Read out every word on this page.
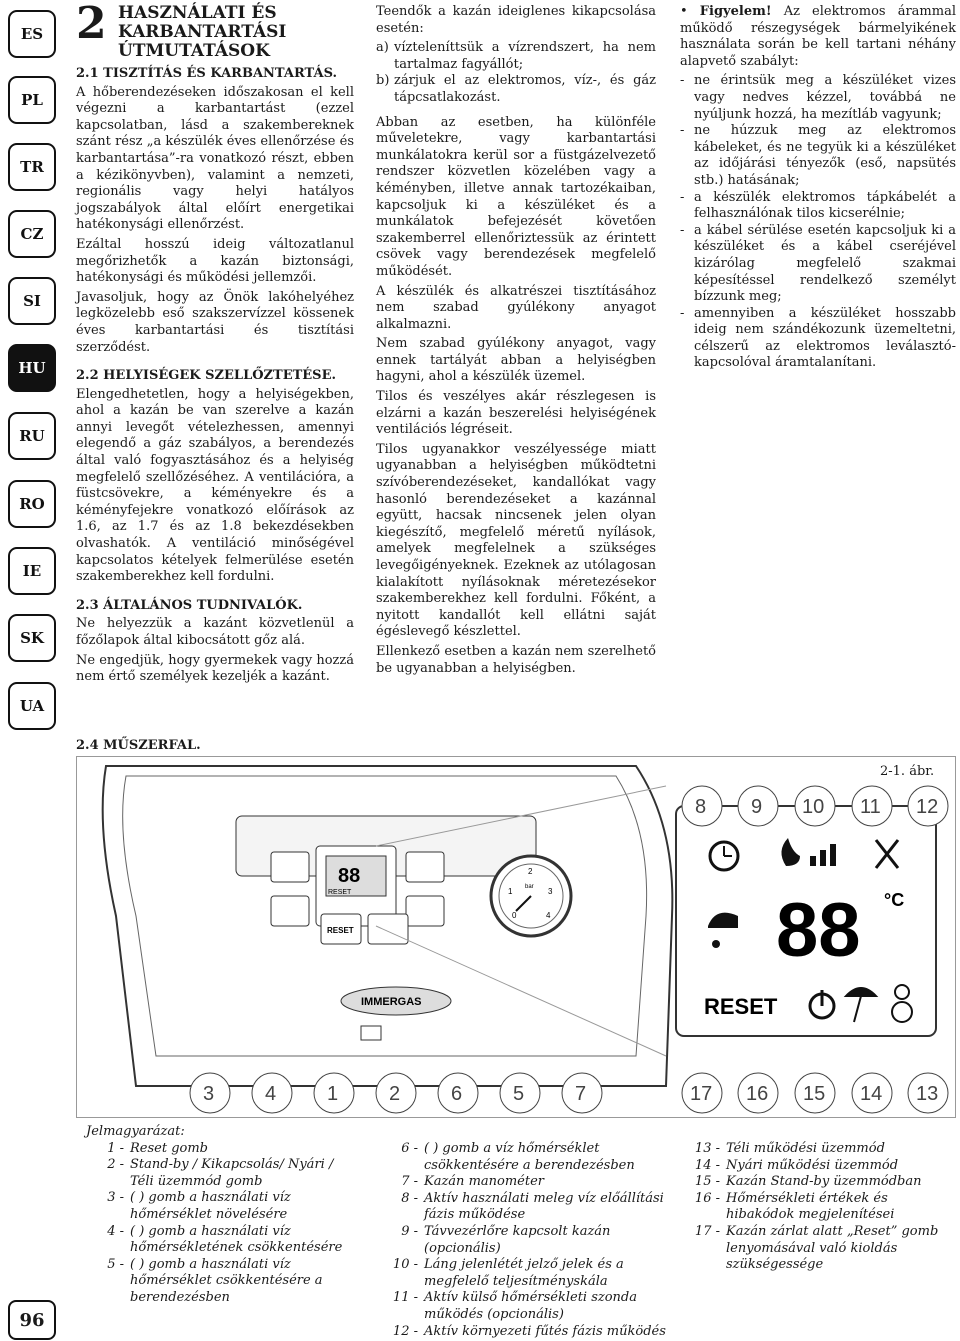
ES
PL
TR
CZ
SI
HU
RU
RO
IE
SK
UA
96
2 HASZNÁLATI ÉS
KARBANTARTÁSI
ÚTMUTATÁSOK
2.1 TISZTÍTÁS ÉS KARBANTARTÁS.

A hőberendezéseken időszakosan el kell végezni a karbantartást (ezzel kapcsolatban, lásd a szakembereknek szánt rész „a készülék éves ellenőrzése és karbantartása”-ra vonatkozó részt, ebben a kézikönyvben), valamint a nemzeti, regionális vagy helyi hatályos jogszabályok által előírt energetikai hatékonysági ellenőrzést.

Ezáltal hosszú ideig változatlanul megőrizhetők a kazán biztonsági, hatékonysági és működési jellemzői.

Javasoljuk, hogy az Önök lakóhelyéhez legközelebb eső szakszervízzel kössenek éves karbantartási és tisztítási szerződést.

2.2 HELYISÉGEK SZELLŐZTETÉSE.

Elengedhetetlen, hogy a helyiségekben, ahol a kazán be van szerelve a kazán annyi levegőt vételezhessen, amennyi elegendő a gáz szabályos, a berendezés által való fogyasztásához és a helyiség megfelelő szellőzéséhez. A ventilációra, a füstcsövekre, a kéményekre és a kéményfejekre vonatkozó előírások az 1.6, az 1.7 és az 1.8 bekezdésekben olvashatók. A ventiláció minőségével kapcsolatos kételyek felmerülése esetén szakemberekhez kell fordulni.

2.3 ÁLTALÁNOS TUDNIVALÓK.

Ne helyezzük a kazánt közvetlenül a főzőlapok által kibocsátott gőz alá.

Ne engedjük, hogy gyermekek vagy hozzá nem értő személyek kezeljék a kazánt.

Teendők a kazán ideiglenes kikapcsolása esetén:

a) vízteleníttsük a vízrendszert, ha nem tartalmaz fagyállót;
b) zárjuk el az elektromos, víz-, és gáz tápcsatlakozást.

Abban az esetben, ha különféle műveletekre, vagy karbantartási munkálatokra kerül sor a füstgázelvezető rendszer közvetlen közelében vagy a kéményben, illetve annak tartozékaiban, kapcsoljuk ki a készüléket és a munkálatok befejezését követően szakemberrel ellenőriztessük az érintett csövek vagy berendezések megfelelő működését.

A készülék és alkatrészei tisztításához nem szabad gyúlékony anyagot alkalmazni.

Nem szabad gyúlékony anyagot, vagy ennek tartályát abban a helyiségben hagyni, ahol a készülék üzemel.

Tilos és veszélyes akár részlegesen is elzárni a kazán beszerelési helyiségének ventilációs légréseit.

Tilos ugyanakkor veszélyessége miatt ugyanabban a helyiségben működtetni szívóberendezéseket, kandallókat vagy hasonló berendezéseket a kazánnal együtt, hacsak nincsenek jelen olyan kiegészítő, megfelelő méretű nyílások, amelyek megfelelnek a szükséges levegőigényeknek. Ezeknek az utólagosan kialakított nyílásoknak méretezésekor szakemberekhez kell fordulni. Főként, a nyitott kandallót kell ellátni saját égéslevegő készlettel.

Ellenkező esetben a kazán nem szerelhető be ugyanabban a helyiségben.

• Figyelem! Az elektromos árammal működő részegységek bármelyikének használata során be kell tartani néhány alapvető szabályt:

- ne érintsük meg a készüléket vizes vagy nedves kézzel, továbbá ne nyúljunk hozzá, ha mezítláb vagyunk;
- ne húzzuk meg az elektromos kábeleket, és ne tegyük ki a készüléket az időjárási tényezők (eső, napsütés stb.) hatásának;
- a készülék elektromos tápkábelét a felhasználónak tilos kicserélnie;
- a kábel sérülése esetén kapcsoljuk ki a készüléket és a kábel cseréjével kizárólag megfelelő szakmai képesítéssel rendelkező személyt bízzunk meg;
- amennyiben a készüléket hosszabb ideig nem szándékozunk üzemeltetni, célszerű az elektromos leválasztó-kapcsolóval áramtalanítani.
2.4 MŰSZERFAL.
2-1. ábr.
88
RESET
RESET
0
1
2
3
4
bar
IMMERGAS
88 °C
RESET
8 9 10 11 12
3	4	1	2	6	5	7	17 16 15 14 13
Jelmagyarázat:
1 - Reset gomb
2 - Stand-by / Kikapcsolás/ Nyári / Téli üzemmód gomb
3 - ( ) gomb a használati víz hőmérséklet növelésére
4 - ( ) gomb a használati víz hőmérsékletének csökkentésére
5 - ( ) gomb a használati víz hőmérséklet csökkentésére a berendezésben
6 - ( ) gomb a víz hőmérséklet csökkentésére a berendezésben
7 - Kazán manométer
8 - Aktív használati meleg víz előállítási fázis működése
9 - Távvezérlőre kapcsolt kazán (opcionális)
10 - Láng jelenlétét jelző jelek és a megfelelő teljesítményskála
11 - Aktív külső hőmérsékleti szonda működés (opcionális)
12 - Aktív környezeti fűtés fázis működés
13 - Téli működési üzemmód
14 - Nyári működési üzemmód
15 - Kazán Stand-by üzemmódban
16 - Hőmérsékleti értékek és hibakódok megjelenítései
17 - Kazán zárlat alatt „Reset” gomb lenyomásával való kioldás szükségessége
